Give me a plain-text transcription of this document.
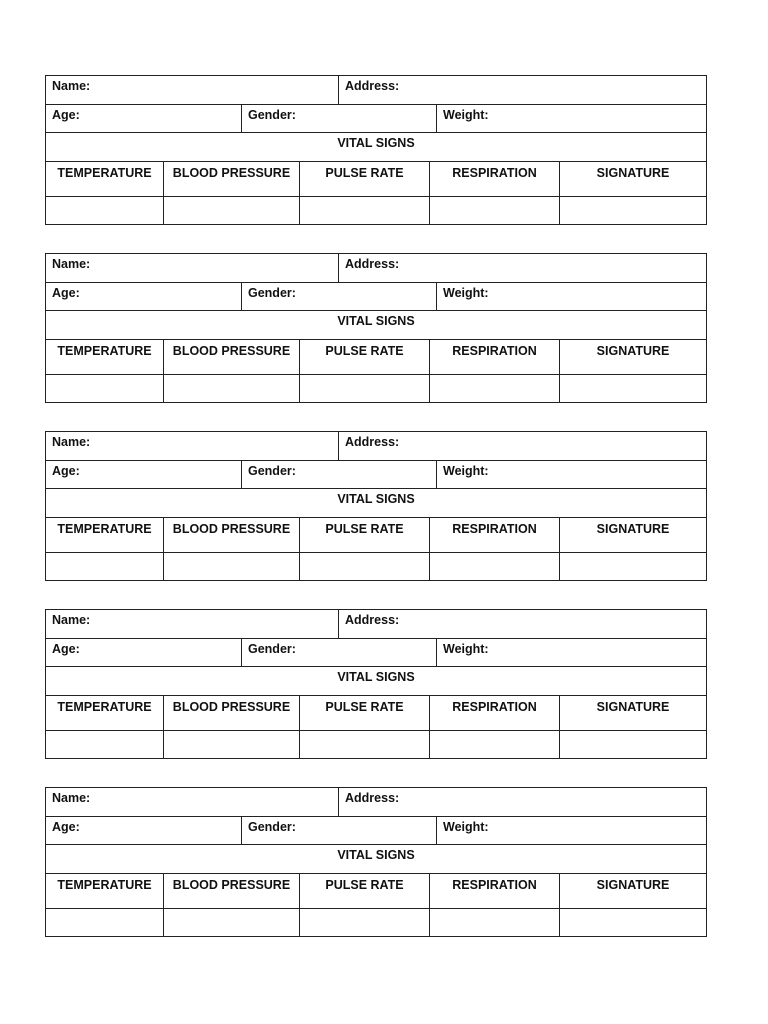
Name:	Address:
Age:	Gender:	Weight:
VITAL SIGNS
TEMPERATURE	BLOOD PRESSURE	PULSE RATE	RESPIRATION	SIGNATURE
Name:	Address:
Age:	Gender:	Weight:
VITAL SIGNS
TEMPERATURE	BLOOD PRESSURE	PULSE RATE	RESPIRATION	SIGNATURE
Name:	Address:
Age:	Gender:	Weight:
VITAL SIGNS
TEMPERATURE	BLOOD PRESSURE	PULSE RATE	RESPIRATION	SIGNATURE
Name:	Address:
Age:	Gender:	Weight:
VITAL SIGNS
TEMPERATURE	BLOOD PRESSURE	PULSE RATE	RESPIRATION	SIGNATURE
Name:	Address:
Age:	Gender:	Weight:
VITAL SIGNS
TEMPERATURE	BLOOD PRESSURE	PULSE RATE	RESPIRATION	SIGNATURE
